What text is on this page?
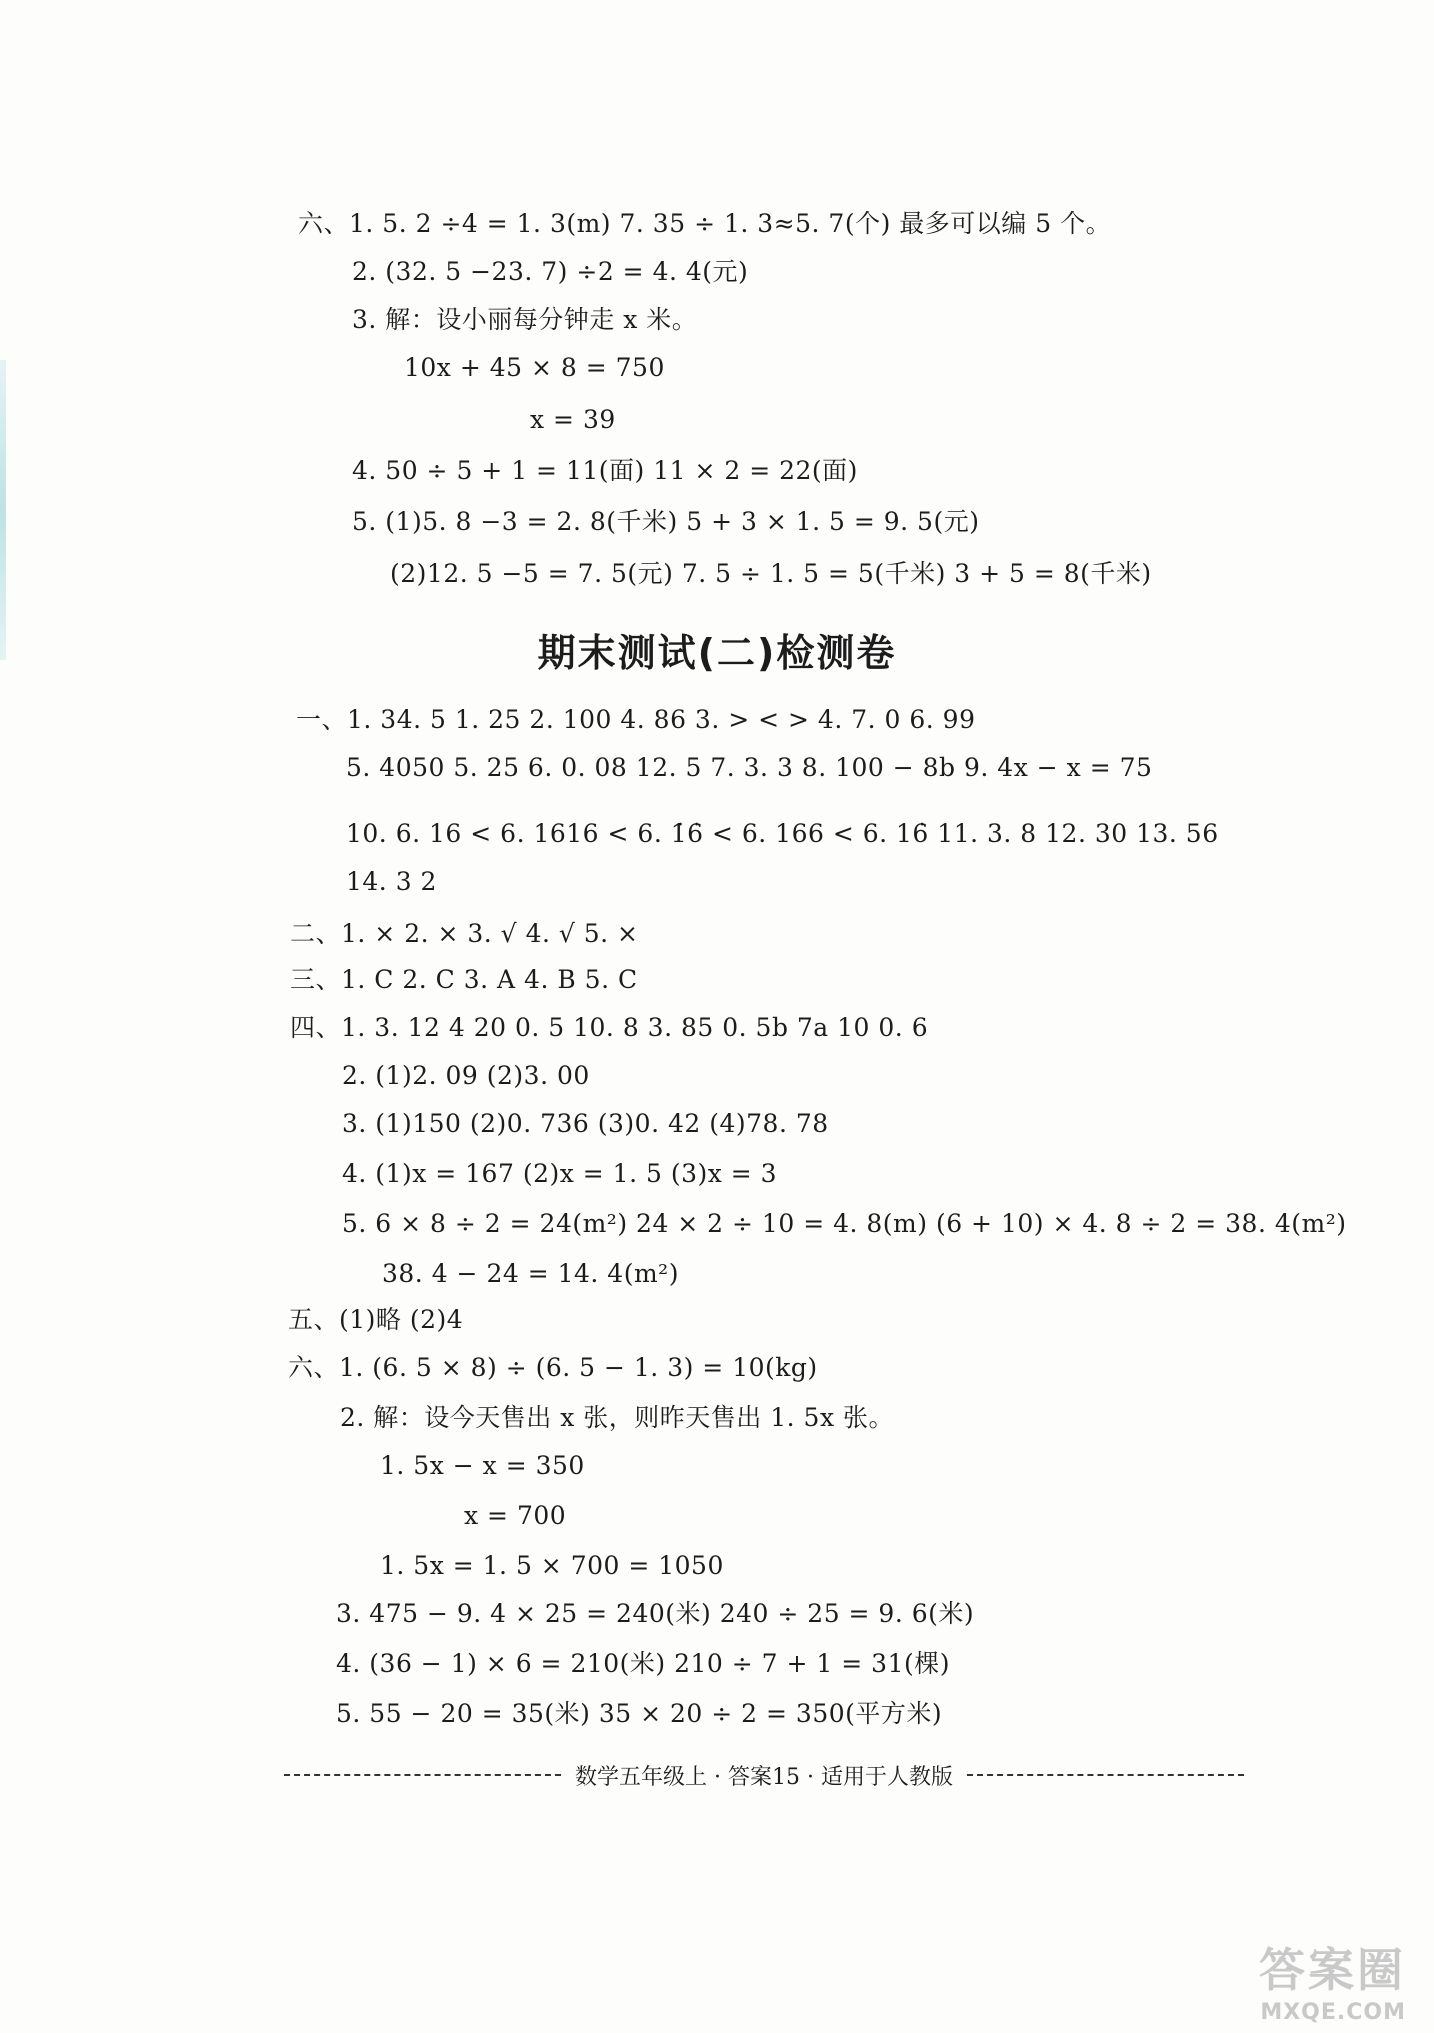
六、1. 5. 2 ÷4 = 1. 3(m) 7. 35 ÷ 1. 3≈5. 7(个) 最多可以编 5 个。
2. (32. 5 −23. 7) ÷2 = 4. 4(元)
3. 解：设小丽每分钟走 x 米。
10x + 45 × 8 = 750
x = 39
4. 50 ÷ 5 + 1 = 11(面) 11 × 2 = 22(面)
5. (1)5. 8 −3 = 2. 8(千米) 5 + 3 × 1. 5 = 9. 5(元)
(2)12. 5 −5 = 7. 5(元) 7. 5 ÷ 1. 5 = 5(千米) 3 + 5 = 8(千米)
期末测试(二)检测卷
一、1. 34. 5 1. 25 2. 100 4. 86 3. > < > 4. 7. 0 6. 99
5. 4050 5. 25 6. 0. 08 12. 5 7. 3. 3 8. 100 − 8b 9. 4x − x = 75
10. 6. 16 < 6. 1616 < 6. 1̇6̇ < 6. 166 < 6. 16̇ 11. 3. 8 12. 30 13. 56
14. 3 2
二、1. × 2. × 3. √ 4. √ 5. ×
三、1. C 2. C 3. A 4. B 5. C
四、1. 3. 12 4 20 0. 5 10. 8 3. 85 0. 5b 7a 10 0. 6
2. (1)2. 09 (2)3. 00
3. (1)150 (2)0. 736 (3)0. 42 (4)78. 78
4. (1)x = 167 (2)x = 1. 5 (3)x = 3
5. 6 × 8 ÷ 2 = 24(m²) 24 × 2 ÷ 10 = 4. 8(m) (6 + 10) × 4. 8 ÷ 2 = 38. 4(m²)
38. 4 − 24 = 14. 4(m²)
五、(1)略 (2)4
六、1. (6. 5 × 8) ÷ (6. 5 − 1. 3) = 10(kg)
2. 解：设今天售出 x 张，则昨天售出 1. 5x 张。
1. 5x − x = 350
x = 700
1. 5x = 1. 5 × 700 = 1050
3. 475 − 9. 4 × 25 = 240(米) 240 ÷ 25 = 9. 6(米)
4. (36 − 1) × 6 = 210(米) 210 ÷ 7 + 1 = 31(棵)
5. 55 − 20 = 35(米) 35 × 20 ÷ 2 = 350(平方米)
数学五年级上 · 答案15 · 适用于人教版
答案圈
MXQE.COM
